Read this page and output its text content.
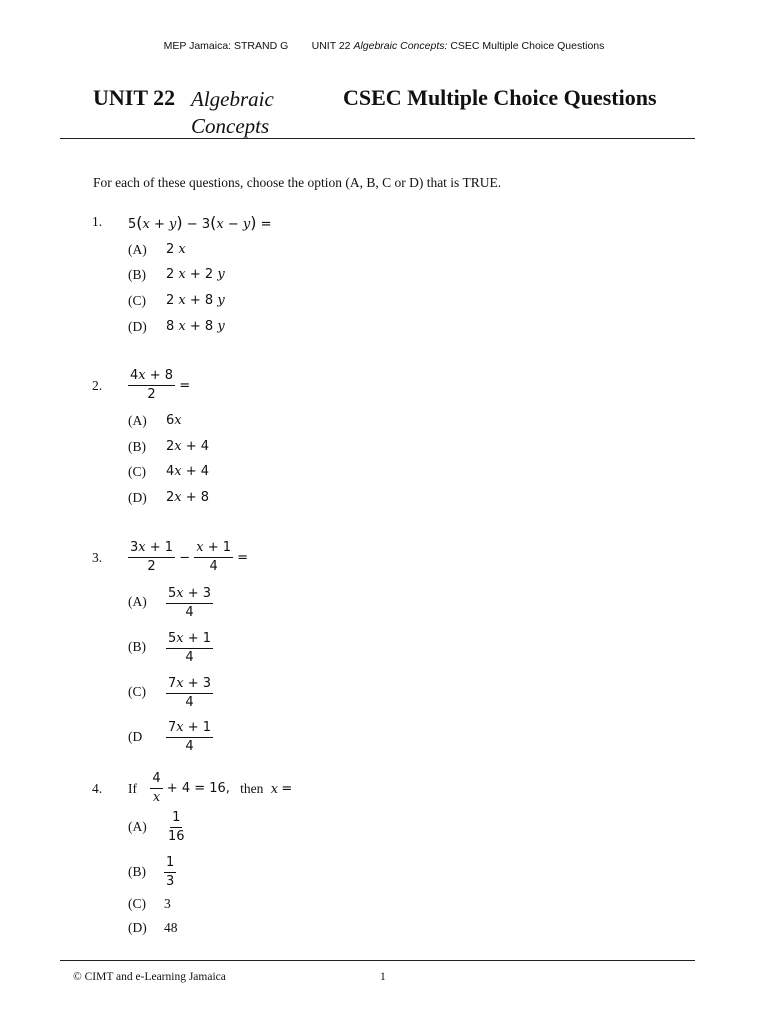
MEP Jamaica: STRAND G UNIT 22 Algebraic Concepts: CSEC Multiple Choice Questions
UNIT 22 Algebraic
Concepts
CSEC Multiple Choice Questions
For each of these questions, choose the option (A, B, C or D) that is TRUE.
1. 5(x + y) − 3(x − y) =
(A) 2 x
(B) 2 x + 2 y
(C) 2 x + 8 y
(D) 8 x + 8 y
2. $\frac{4x + 8}{2}$ =
(A) 6x
(B) 2x + 4
(C) 4x + 4
(D) 2x + 8
3. $\frac{3x + 1}{2} - \frac{x + 1}{4}$ =
$(A) \frac{5x + 3}{4}$
$(B) \frac{5x + 1}{4}$
$(C) \frac{7x + 3}{4}$
($D \frac{7x + 1}{4}$
4. If $\frac{4}{x} + 4 = 16$, then x =
$(A) \frac{1}{16}$
$(B) \frac{1}{3}$
(C) 3
(D) 48
© CIMT and e-Learning Jamaica	1
